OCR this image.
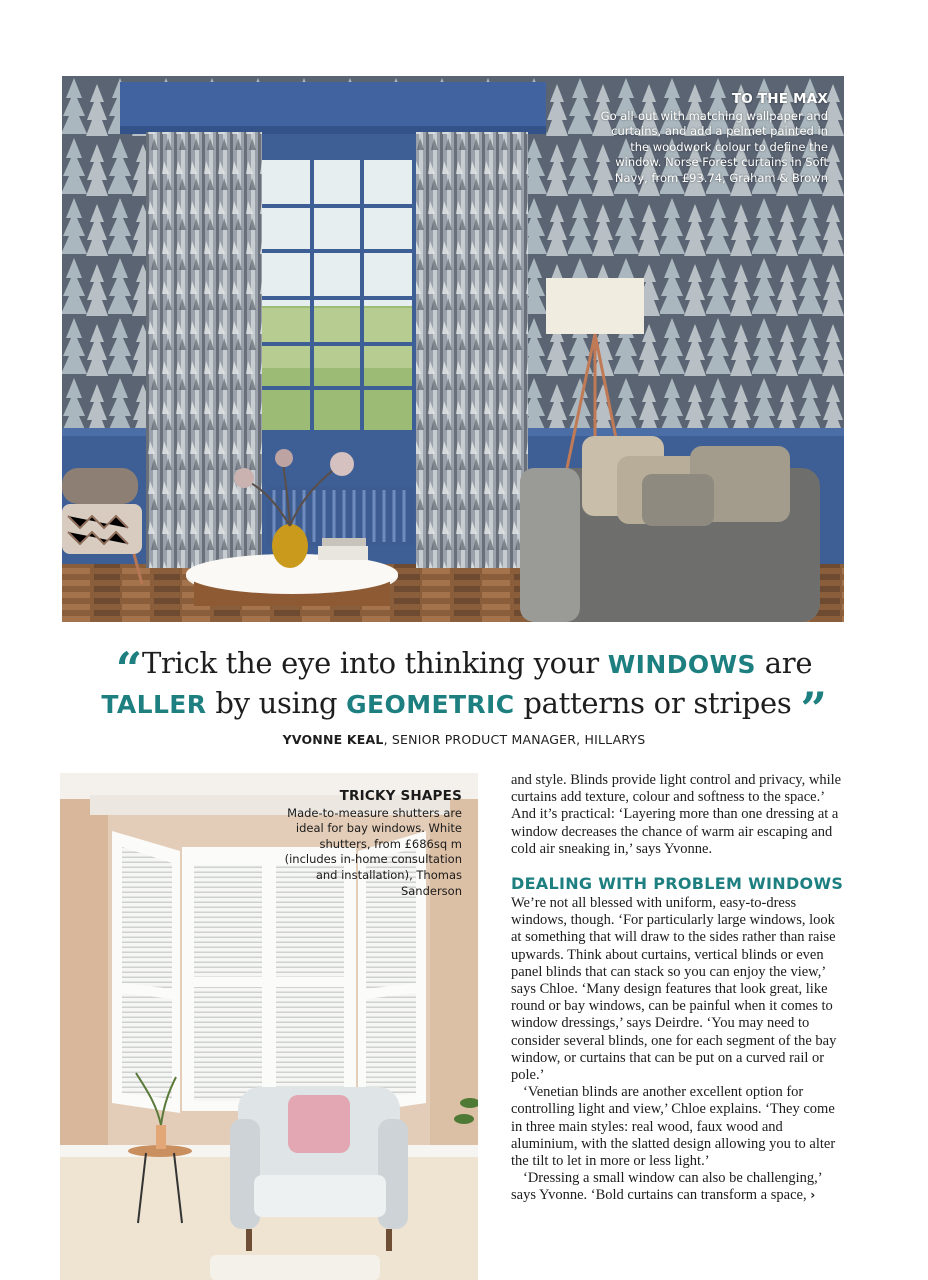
TO THE MAX
Go all-out with matching wallpaper and curtains, and add a pelmet painted in the woodwork colour to define the window. Norse Forest curtains in Soft Navy, from £93.74, Graham & Brown
“Trick the eye into thinking your WINDOWS are
TALLER by using GEOMETRIC patterns or stripes ”
YVONNE KEAL, SENIOR PRODUCT MANAGER, HILLARYS
TRICKY SHAPES
Made-to-measure shutters are ideal for bay windows. White shutters, from £686sq m (includes in-home consultation and installation), Thomas Sanderson

and style. Blinds provide light control and privacy, while curtains add texture, colour and softness to the space.’ And it’s practical: ‘Layering more than one dressing at a window decreases the chance of warm air escaping and cold air sneaking in,’ says Yvonne.

DEALING WITH PROBLEM WINDOWS

We’re not all blessed with uniform, easy-to-dress windows, though. ‘For particularly large windows, look at something that will draw to the sides rather than raise upwards. Think about curtains, vertical blinds or even panel blinds that can stack so you can enjoy the view,’ says Chloe. ‘Many design features that look great, like round or bay windows, can be painful when it comes to window dressings,’ says Deirdre. ‘You may need to consider several blinds, one for each segment of the bay window, or curtains that can be put on a curved rail or pole.’

‘Venetian blinds are another excellent option for controlling light and view,’ Chloe explains. ‘They come in three main styles: real wood, faux wood and aluminium, with the slatted design allowing you to alter the tilt to let in more or less light.’

‘Dressing a small window can also be challenging,’ says Yvonne. ‘Bold curtains can transform a space, ›
